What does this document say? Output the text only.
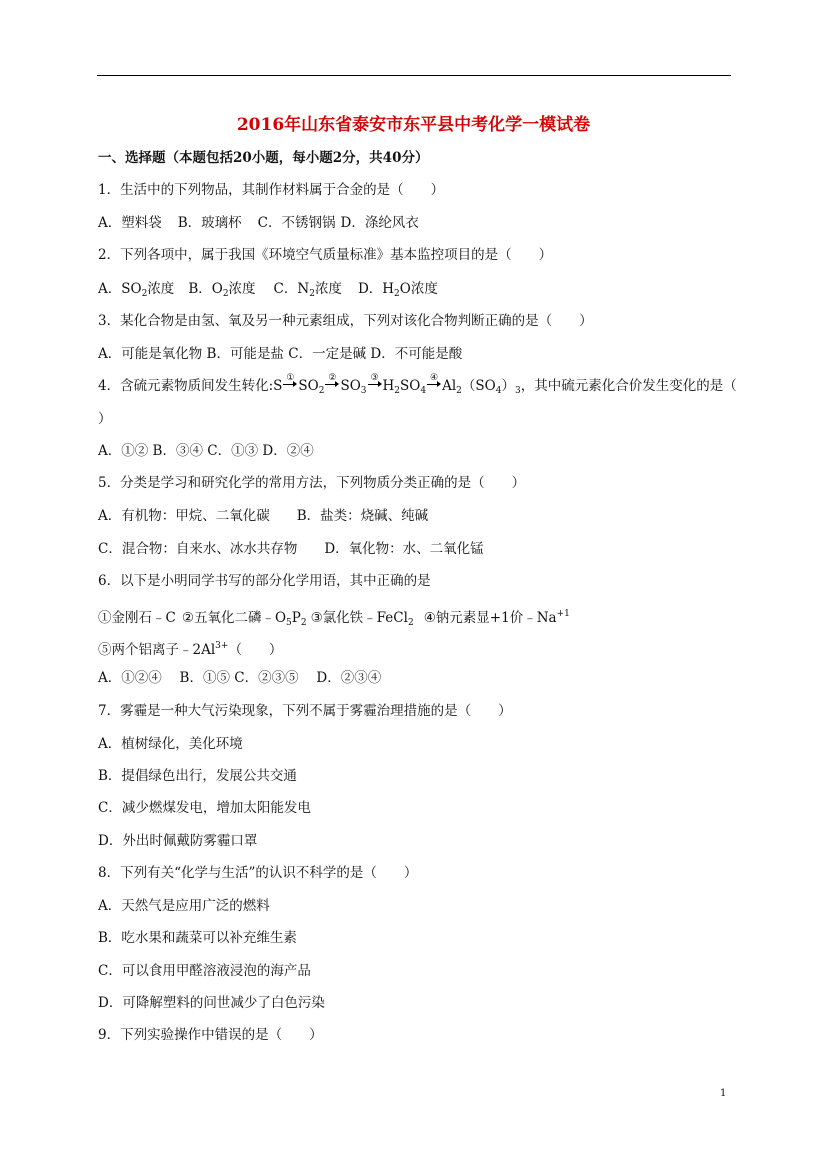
2016年山东省泰安市东平县中考化学一模试卷
一、选择题（本题包括20小题，每小题2分，共40分）
1．生活中的下列物品，其制作材料属于合金的是（　　）
A．塑料袋 B．玻璃杯 C．不锈钢锅 D．涤纶风衣
2．下列各项中，属于我国《环境空气质量标准》基本监控项目的是（　　）
A．$SO_2$浓度 B．$O_2$浓度 C．$N_2$浓度 D．$H_2O$浓度
3．某化合物是由氢、氧及另一种元素组成，下列对该化合物判断正确的是（　　）
A．可能是氧化物 B．可能是盐 C．一定是碱 D．不可能是酸
4．含硫元素物质间发生转化:S ① $SO_2$
② $SO_3$
③ $H_2SO_4$
④ $Al_2(SO_4)_3$，其中硫元素化合价发生变化的是（
）
A．①② B．③④ C．①③ D．②④
5．分类是学习和研究化学的常用方法，下列物质分类正确的是（　　）
A．有机物：甲烷、二氧化碳　　B．盐类：烧碱、纯碱
C．混合物：自来水、冰水共存物　　D．氧化物：水、二氧化锰
6．以下是小明同学书写的部分化学用语，其中正确的是
①金刚石﹣C ②五氧化二磷$﹣O_5P_2$ ③氯化铁﹣FeCl$_2$ ④钠元素显+1价$﹣Na^{+1}$
⑤两个铝离子$﹣2Al^{3+}$（　　）
A．①②④　 B．①⑤ C．②③⑤　 D．②③④
7．雾霾是一种大气污染现象，下列不属于雾霾治理措施的是（　　）
A．植树绿化，美化环境
B．提倡绿色出行，发展公共交通
C．减少燃煤发电，增加太阳能发电
D．外出时佩戴防雾霾口罩
8．下列有关“化学与生活”的认识不科学的是（　　）
A．天然气是应用广泛的燃料
B．吃水果和蔬菜可以补充维生素
C．可以食用甲醛溶液浸泡的海产品
D．可降解塑料的问世减少了白色污染
9．下列实验操作中错误的是（　　）
1
